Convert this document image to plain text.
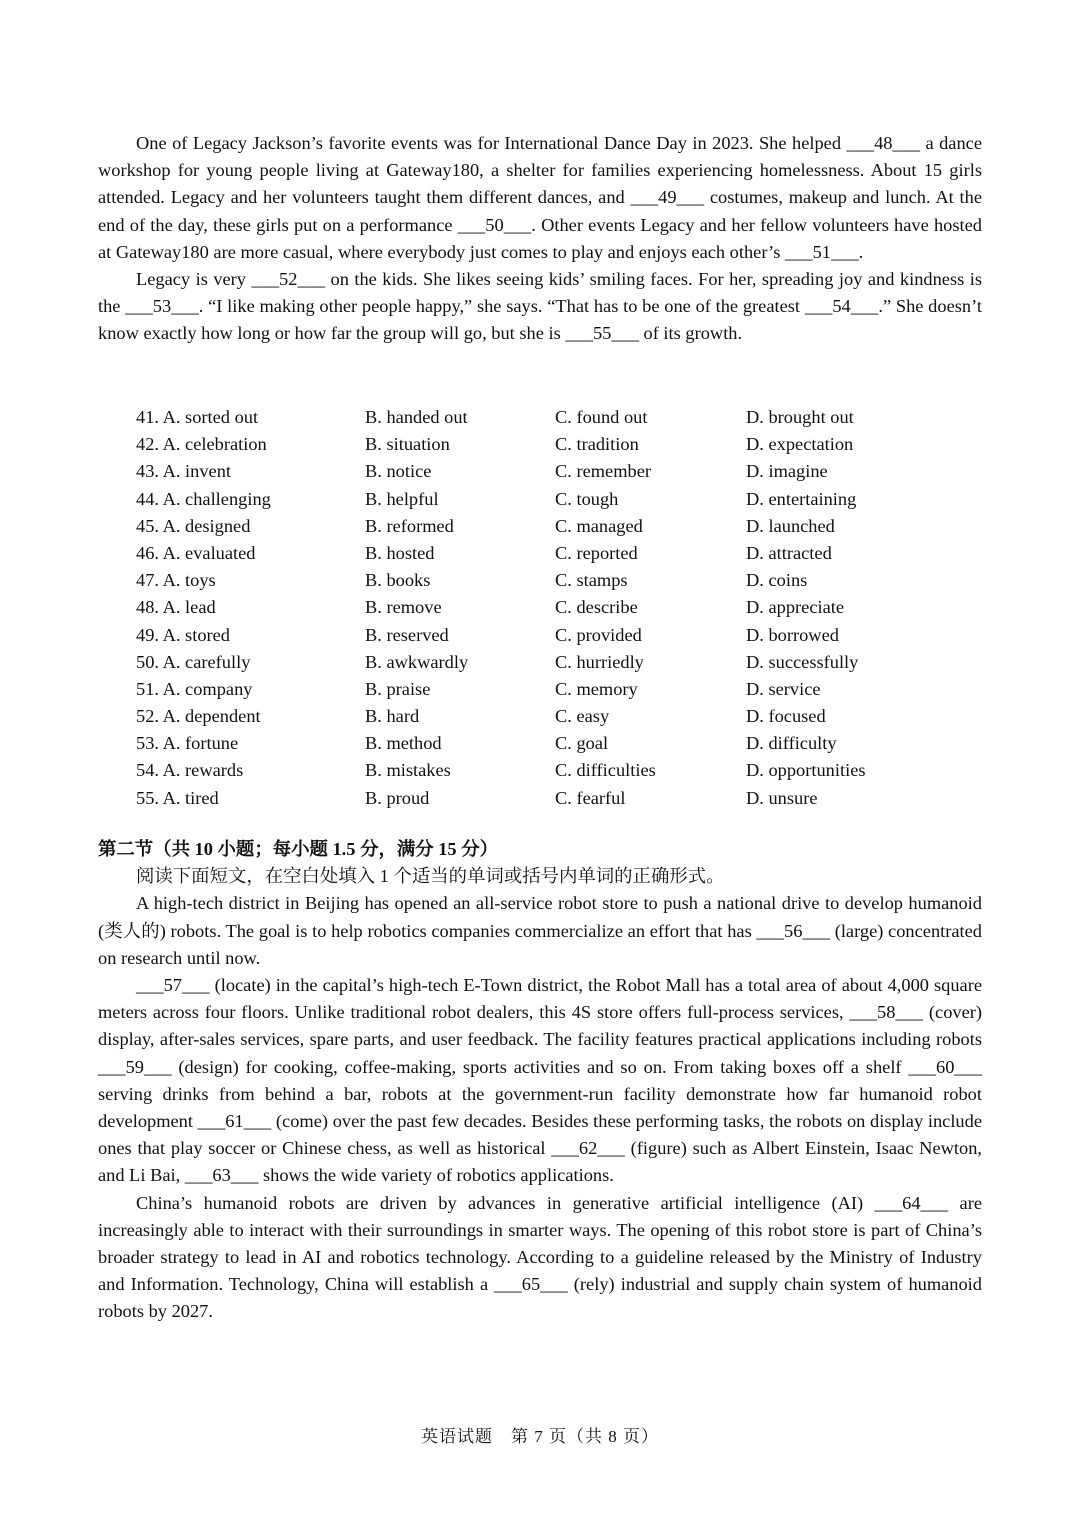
One of Legacy Jackson’s favorite events was for International Dance Day in 2023. She helped ___48___ a dance workshop for young people living at Gateway180, a shelter for families experiencing homelessness. About 15 girls attended. Legacy and her volunteers taught them different dances, and ___49___ costumes, makeup and lunch. At the end of the day, these girls put on a performance ___50___. Other events Legacy and her fellow volunteers have hosted at Gateway180 are more casual, where everybody just comes to play and enjoys each other’s ___51___.

Legacy is very ___52___ on the kids. She likes seeing kids’ smiling faces. For her, spreading joy and kindness is the ___53___. “I like making other people happy,” she says. “That has to be one of the greatest ___54___.” She doesn’t know exactly how long or how far the group will go, but she is ___55___ of its growth.

41. A. sorted out	B. handed out	C. found out	D. brought out
42. A. celebration	B. situation	C. tradition	D. expectation
43. A. invent	B. notice	C. remember	D. imagine
44. A. challenging	B. helpful	C. tough	D. entertaining
45. A. designed	B. reformed	C. managed	D. launched
46. A. evaluated	B. hosted	C. reported	D. attracted
47. A. toys	B. books	C. stamps	D. coins
48. A. lead	B. remove	C. describe	D. appreciate
49. A. stored	B. reserved	C. provided	D. borrowed
50. A. carefully	B. awkwardly	C. hurriedly	D. successfully
51. A. company	B. praise	C. memory	D. service
52. A. dependent	B. hard	C. easy	D. focused
53. A. fortune	B. method	C. goal	D. difficulty
54. A. rewards	B. mistakes	C. difficulties	D. opportunities
55. A. tired	B. proud	C. fearful	D. unsure

第二节（共 10 小题；每小题 1.5 分，满分 15 分）

阅读下面短文，在空白处填入 1 个适当的单词或括号内单词的正确形式。

A high-tech district in Beijing has opened an all-service robot store to push a national drive to develop humanoid (类人的) robots. The goal is to help robotics companies commercialize an effort that has ___56___ (large) concentrated on research until now.

___57___ (locate) in the capital’s high-tech E-Town district, the Robot Mall has a total area of about 4,000 square meters across four floors. Unlike traditional robot dealers, this 4S store offers full-process services, ___58___ (cover) display, after-sales services, spare parts, and user feedback. The facility features practical applications including robots ___59___ (design) for cooking, coffee-making, sports activities and so on. From taking boxes off a shelf ___60___ serving drinks from behind a bar, robots at the government-run facility demonstrate how far humanoid robot development ___61___ (come) over the past few decades. Besides these performing tasks, the robots on display include ones that play soccer or Chinese chess, as well as historical ___62___ (figure) such as Albert Einstein, Isaac Newton, and Li Bai, ___63___ shows the wide variety of robotics applications.

China’s humanoid robots are driven by advances in generative artificial intelligence (AI) ___64___ are increasingly able to interact with their surroundings in smarter ways. The opening of this robot store is part of China’s broader strategy to lead in AI and robotics technology. According to a guideline released by the Ministry of Industry and Information. Technology, China will establish a ___65___ (rely) industrial and supply chain system of humanoid robots by 2027.

英语试题　第 7 页（共 8 页）
